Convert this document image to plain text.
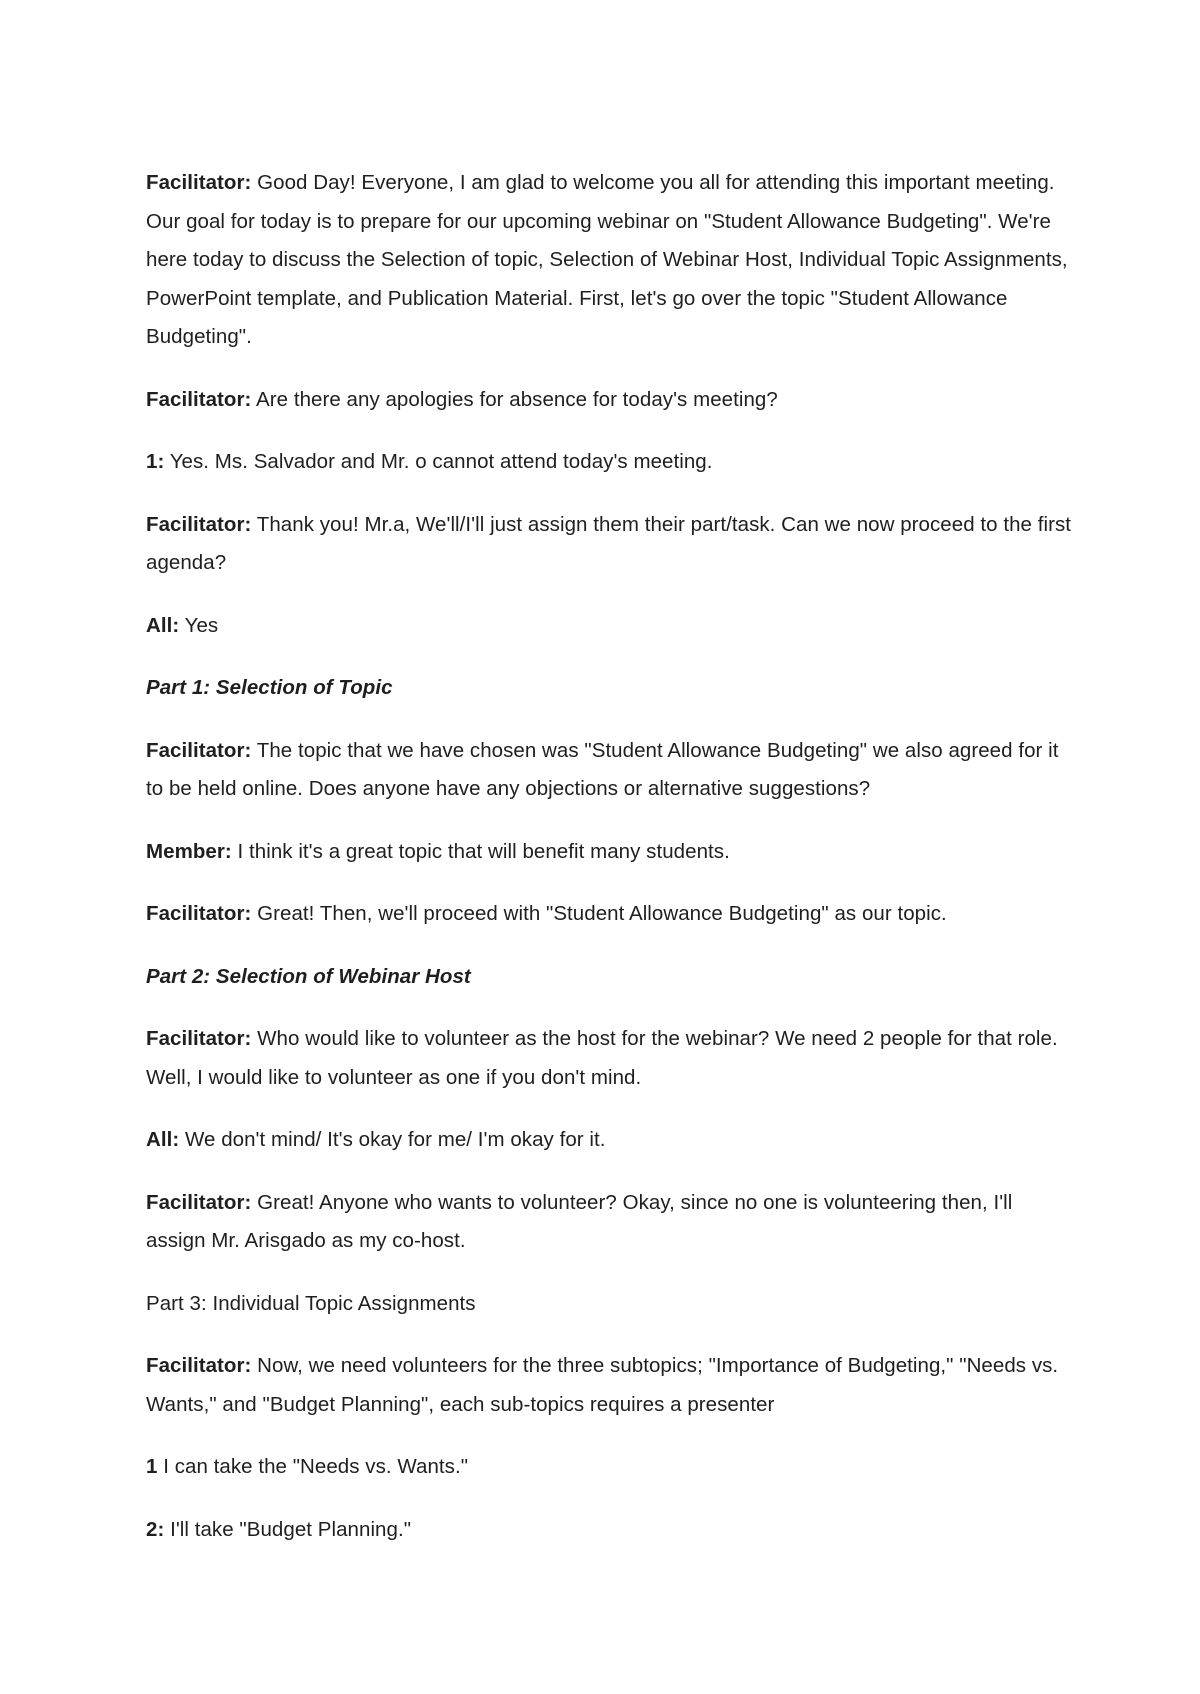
Facilitator: Good Day! Everyone, I am glad to welcome you all for attending this important meeting. Our goal for today is to prepare for our upcoming webinar on "Student Allowance Budgeting". We're here today to discuss the Selection of topic, Selection of Webinar Host, Individual Topic Assignments, PowerPoint template, and Publication Material. First, let's go over the topic "Student Allowance Budgeting".

Facilitator: Are there any apologies for absence for today's meeting?

1: Yes. Ms. Salvador and Mr. o cannot attend today's meeting.

Facilitator: Thank you! Mr.a, We'll/I'll just assign them their part/task. Can we now proceed to the first agenda?

All: Yes

Part 1: Selection of Topic

Facilitator: The topic that we have chosen was "Student Allowance Budgeting" we also agreed for it to be held online. Does anyone have any objections or alternative suggestions?

Member: I think it's a great topic that will benefit many students.

Facilitator: Great! Then, we'll proceed with "Student Allowance Budgeting" as our topic.

Part 2: Selection of Webinar Host

Facilitator: Who would like to volunteer as the host for the webinar? We need 2 people for that role. Well, I would like to volunteer as one if you don't mind.

All: We don't mind/ It's okay for me/ I'm okay for it.

Facilitator: Great! Anyone who wants to volunteer? Okay, since no one is volunteering then, I'll assign Mr. Arisgado as my co-host.

Part 3: Individual Topic Assignments

Facilitator: Now, we need volunteers for the three subtopics; "Importance of Budgeting," "Needs vs. Wants," and "Budget Planning", each sub-topics requires a presenter

1 I can take the "Needs vs. Wants."

2: I'll take "Budget Planning."
